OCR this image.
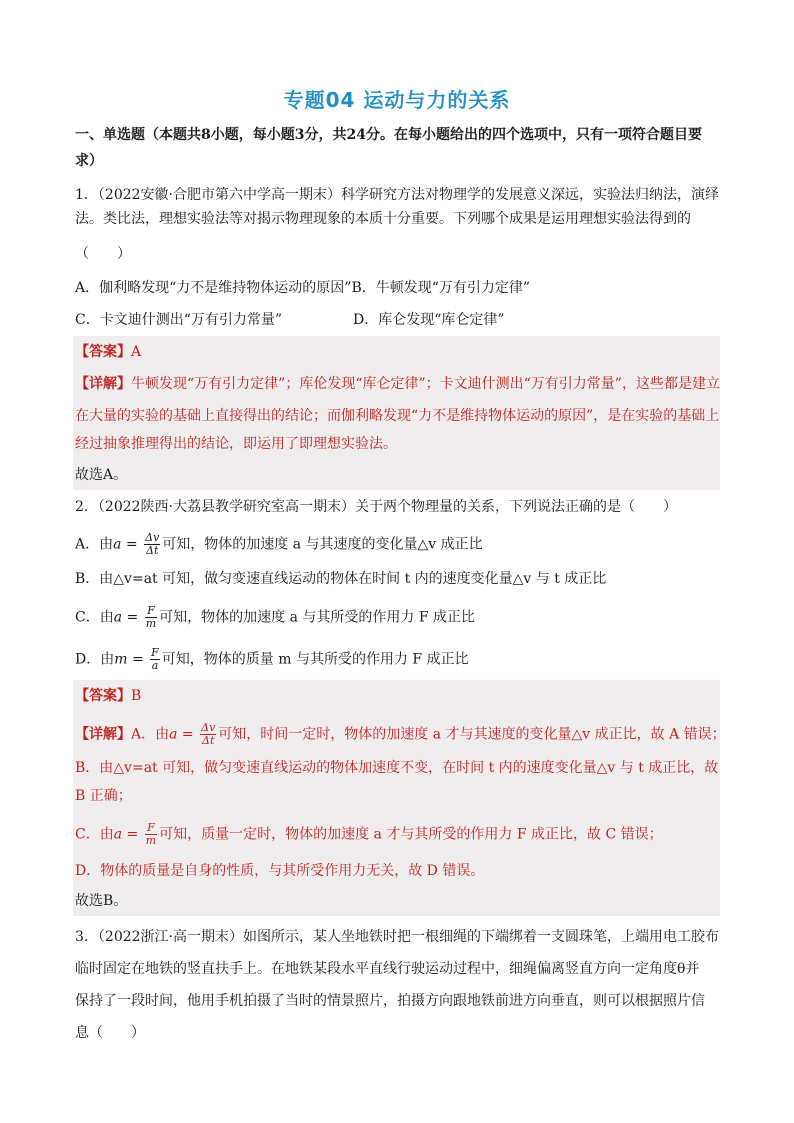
专题04 运动与力的关系
一、单选题（本题共8小题，每小题3分，共24分。在每小题给出的四个选项中，只有一项符合题目要
求）
1．（2022安徽·合肥市第六中学高一期末）科学研究方法对物理学的发展意义深远，实验法归纳法，演绎
法。类比法，理想实验法等对揭示物理现象的本质十分重要。下列哪个成果是运用理想实验法得到的
（　　）
A．伽利略发现“力不是维持物体运动的原因”B．牛顿发现“万有引力定律”
C．卡文迪什测出“万有引力常量”	D．库仑发现“库仑定律”
【答案】A
【详解】牛顿发现“万有引力定律”；库伦发现“库仑定律”；卡文迪什测出“万有引力常量”，这些都是建立
在大量的实验的基础上直接得出的结论；而伽利略发现“力不是维持物体运动的原因”，是在实验的基础上
经过抽象推理得出的结论，即运用了即理想实验法。
故选A。
2．（2022陕西·大荔县教学研究室高一期末）关于两个物理量的关系，下列说法正确的是（　　）
A．由$a = \frac{\Delta v}{\Delta t}$ 可知，物体的加速度 a 与其速度的变化量△v 成正比
B．由△v=at 可知，做匀变速直线运动的物体在时间 t 内的速度变化量△v 与 t 成正比
C．由$a = \frac{F}{m}$ 可知，物体的加速度 a 与其所受的作用力 F 成正比
D．由$m = \frac{F}{a}$ 可知，物体的质量 m 与其所受的作用力 F 成正比
【答案】B
【详解】A．由$a = \frac{\Delta v}{\Delta t}$ 可知，时间一定时，物体的加速度 a 才与其速度的变化量△v 成正比，故 A 错误；
B．由△v=at 可知，做匀变速直线运动的物体加速度不变，在时间 t 内的速度变化量△v 与 t 成正比，故
B 正确；
C．由$a = \frac{F}{m}$ 可知，质量一定时，物体的加速度 a 才与其所受的作用力 F 成正比，故 C 错误；
D．物体的质量是自身的性质，与其所受作用力无关，故 D 错误。
故选B。
3．（2022浙江·高一期末）如图所示，某人坐地铁时把一根细绳的下端绑着一支圆珠笔，上端用电工胶布
临时固定在地铁的竖直扶手上。在地铁某段水平直线行驶运动过程中，细绳偏离竖直方向一定角度θ并
保持了一段时间，他用手机拍摄了当时的情景照片，拍摄方向跟地铁前进方向垂直，则可以根据照片信
息（　　）
